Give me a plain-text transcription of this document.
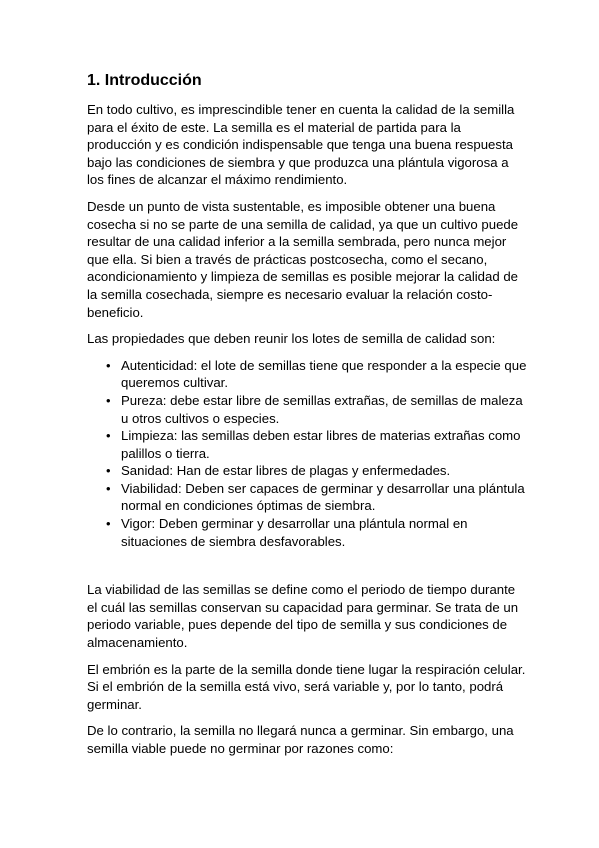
1. Introducción

En todo cultivo, es imprescindible tener en cuenta la calidad de la semilla para el éxito de este. La semilla es el material de partida para la producción y es condición indispensable que tenga una buena respuesta bajo las condiciones de siembra y que produzca una plántula vigorosa a los fines de alcanzar el máximo rendimiento.

Desde un punto de vista sustentable, es imposible obtener una buena cosecha si no se parte de una semilla de calidad, ya que un cultivo puede resultar de una calidad inferior a la semilla sembrada, pero nunca mejor que ella. Si bien a través de prácticas postcosecha, como el secano, acondicionamiento y limpieza de semillas es posible mejorar la calidad de la semilla cosechada, siempre es necesario evaluar la relación costo-beneficio.

Las propiedades que deben reunir los lotes de semilla de calidad son:

• Autenticidad: el lote de semillas tiene que responder a la especie que queremos cultivar.
• Pureza: debe estar libre de semillas extrañas, de semillas de maleza u otros cultivos o especies.
• Limpieza: las semillas deben estar libres de materias extrañas como palillos o tierra.
• Sanidad: Han de estar libres de plagas y enfermedades.
• Viabilidad: Deben ser capaces de germinar y desarrollar una plántula normal en condiciones óptimas de siembra.
• Vigor: Deben germinar y desarrollar una plántula normal en situaciones de siembra desfavorables.

La viabilidad de las semillas se define como el periodo de tiempo durante el cuál las semillas conservan su capacidad para germinar. Se trata de un periodo variable, pues depende del tipo de semilla y sus condiciones de almacenamiento.

El embrión es la parte de la semilla donde tiene lugar la respiración celular. Si el embrión de la semilla está vivo, será variable y, por lo tanto, podrá germinar.

De lo contrario, la semilla no llegará nunca a germinar. Sin embargo, una semilla viable puede no germinar por razones como:
